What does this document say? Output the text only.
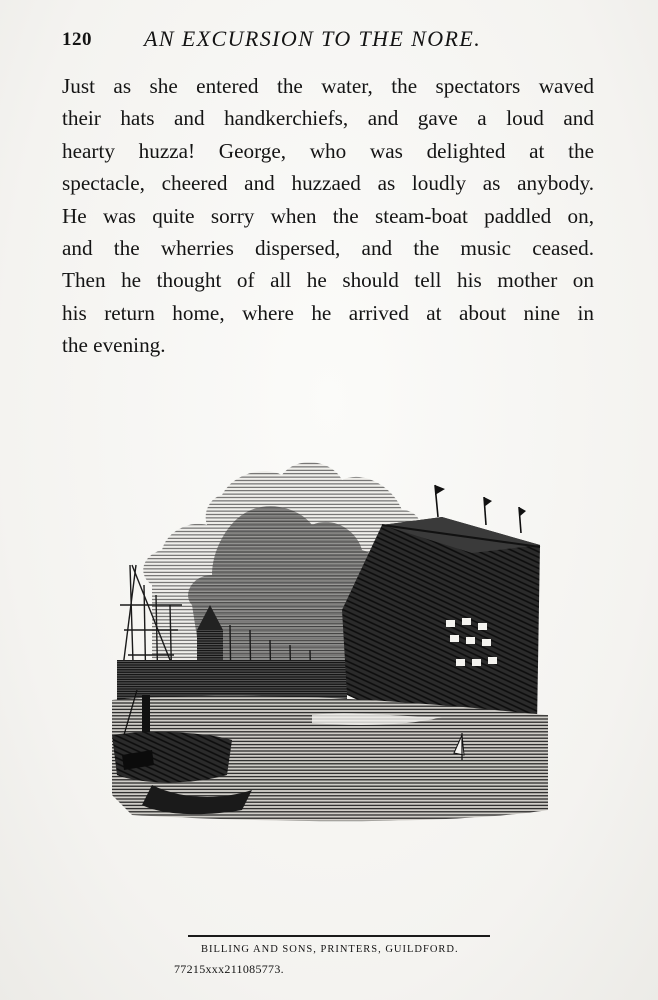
120 AN EXCURSION TO THE NORE.
Just as she entered the water, the spectators waved
their hats and handkerchiefs, and gave a loud and
hearty huzza! George, who was delighted at the
spectacle, cheered and huzzaed as loudly as anybody.
He was quite sorry when the steam-boat paddled on,
and the wherries dispersed, and the music ceased.
Then he thought of all he should tell his mother on
his return home, where he arrived at about nine in
the evening.
BILLING AND SONS, PRINTERS, GUILDFORD.
77215xxx211085773.
